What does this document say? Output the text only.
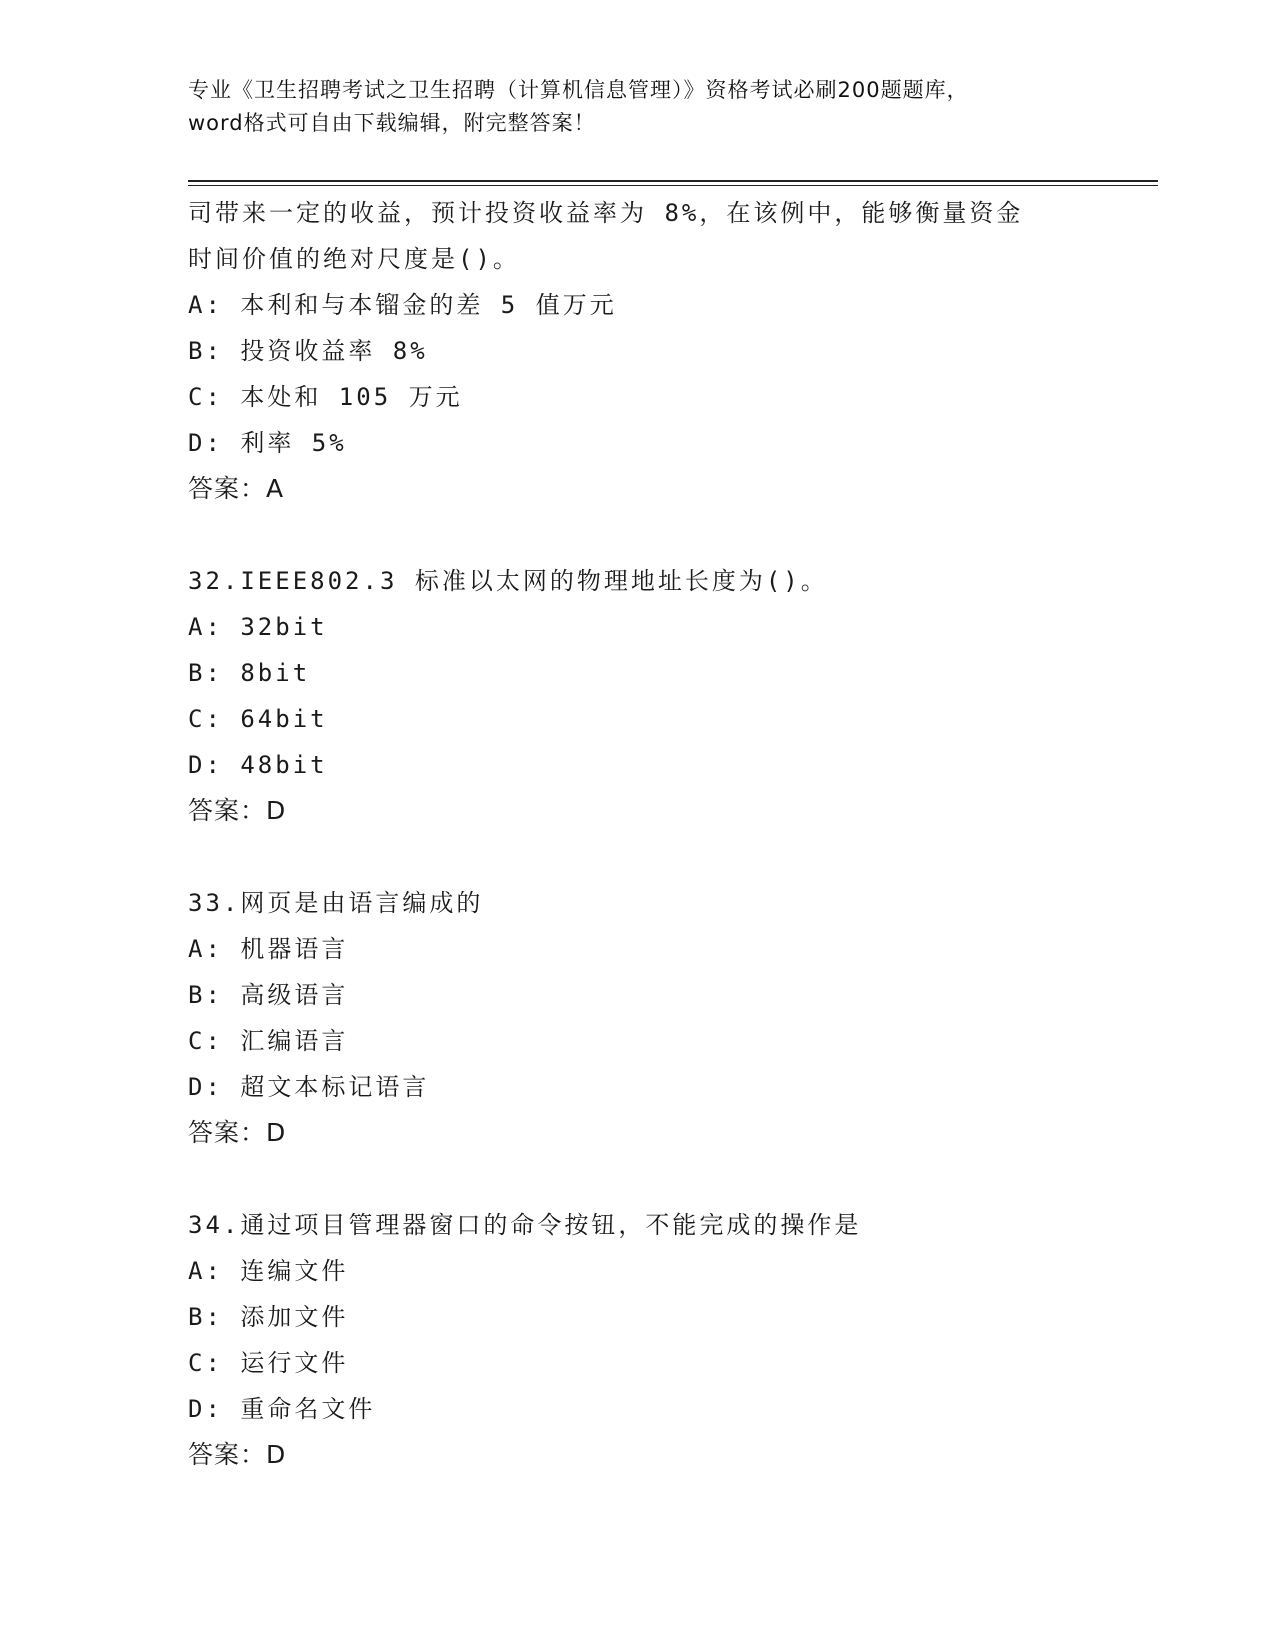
专业《卫生招聘考试之卫生招聘（计算机信息管理）》资格考试必刷200题题库，
word格式可自由下载编辑，附完整答案！
司带来一定的收益，预计投资收益率为 8%，在该例中，能够衡量资金
时间价值的绝对尺度是()。
A: 本利和与本镏金的差 5 值万元
B: 投资收益率 8%
C: 本处和 105 万元
D: 利率 5%
答案：A
32.IEEE802.3 标准以太网的物理地址长度为()。
A: 32bit
B: 8bit
C: 64bit
D: 48bit
答案：D
33.网页是由语言编成的
A: 机器语言
B: 高级语言
C: 汇编语言
D: 超文本标记语言
答案：D
34.通过项目管理器窗口的命令按钮，不能完成的操作是
A: 连编文件
B: 添加文件
C: 运行文件
D: 重命名文件
答案：D
